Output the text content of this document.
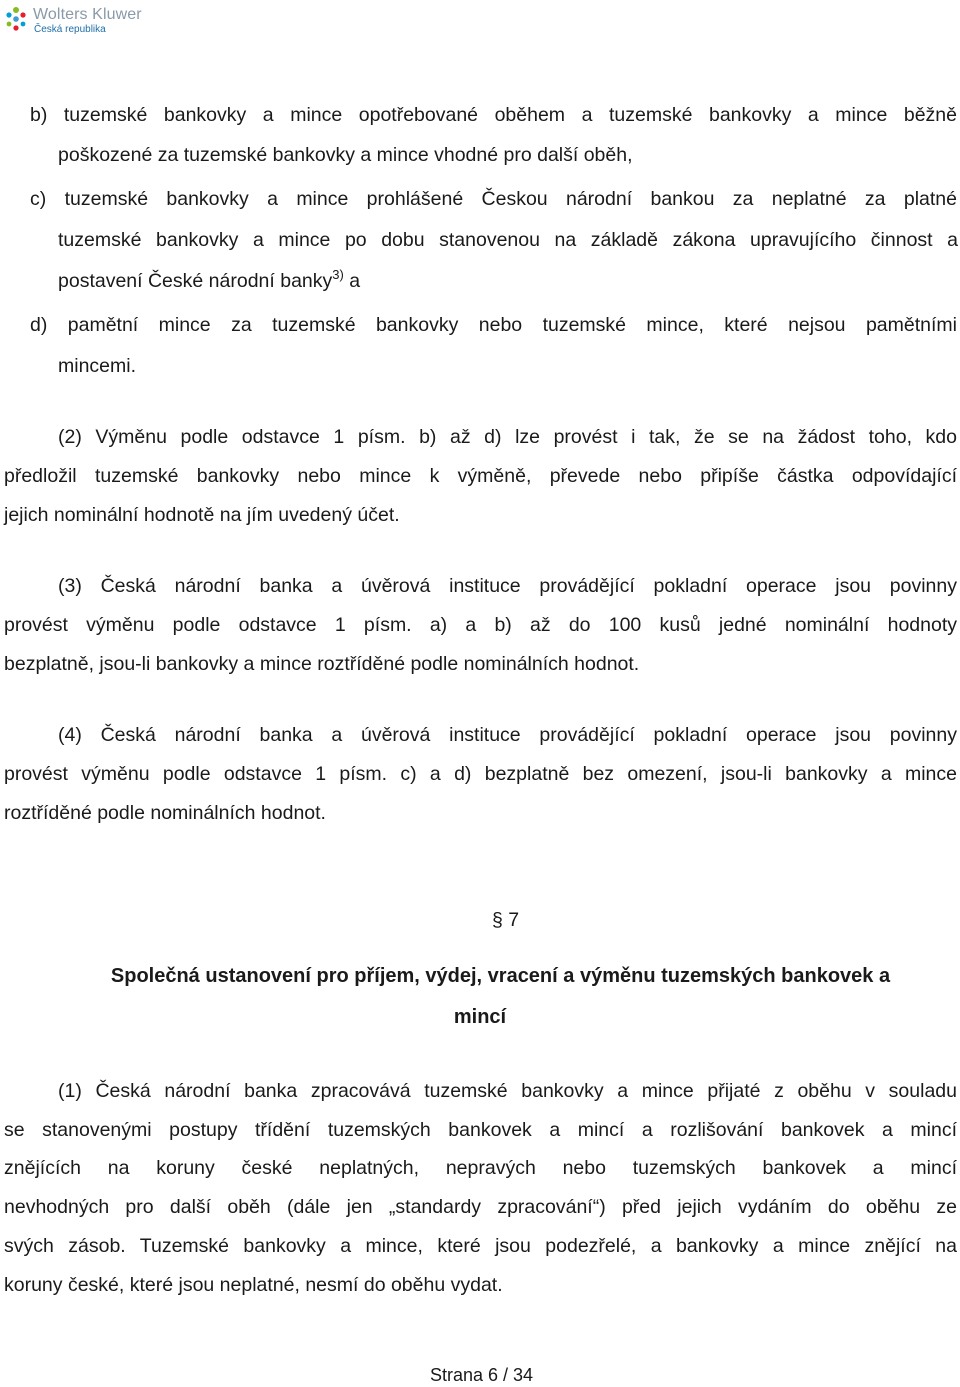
Wolters Kluwer
Česká republika
b) tuzemské bankovky a mince opotřebované oběhem a tuzemské bankovky a mince běžně
poškozené za tuzemské bankovky a mince vhodné pro další oběh,
c) tuzemské bankovky a mince prohlášené Českou národní bankou za neplatné za platné
tuzemské bankovky a mince po dobu stanovenou na základě zákona upravujícího činnost a
postavení České národní banky$^{3)}$ a
d) pamětní mince za tuzemské bankovky nebo tuzemské mince, které nejsou pamětními
mincemi.
(2) Výměnu podle odstavce 1 písm. b) až d) lze provést i tak, že se na žádost toho, kdo
předložil tuzemské bankovky nebo mince k výměně, převede nebo připíše částka odpovídající
jejich nominální hodnotě na jím uvedený účet.
(3) Česká národní banka a úvěrová instituce provádějící pokladní operace jsou povinny
provést výměnu podle odstavce 1 písm. a) a b) až do 100 kusů jedné nominální hodnoty
bezplatně, jsou-li bankovky a mince roztříděné podle nominálních hodnot.
(4) Česká národní banka a úvěrová instituce provádějící pokladní operace jsou povinny
provést výměnu podle odstavce 1 písm. c) a d) bezplatně bez omezení, jsou-li bankovky a mince
roztříděné podle nominálních hodnot.
§ 7
Společná ustanovení pro příjem, výdej, vracení a výměnu tuzemských bankovek a
mincí
(1) Česká národní banka zpracovává tuzemské bankovky a mince přijaté z oběhu v souladu
se stanovenými postupy třídění tuzemských bankovek a mincí a rozlišování bankovek a mincí
znějících na koruny české neplatných, nepravých nebo tuzemských bankovek a mincí
nevhodných pro další oběh (dále jen „standardy zpracování“) před jejich vydáním do oběhu ze
svých zásob. Tuzemské bankovky a mince, které jsou podezřelé, a bankovky a mince znějící na
koruny české, které jsou neplatné, nesmí do oběhu vydat.
Strana 6 / 34
